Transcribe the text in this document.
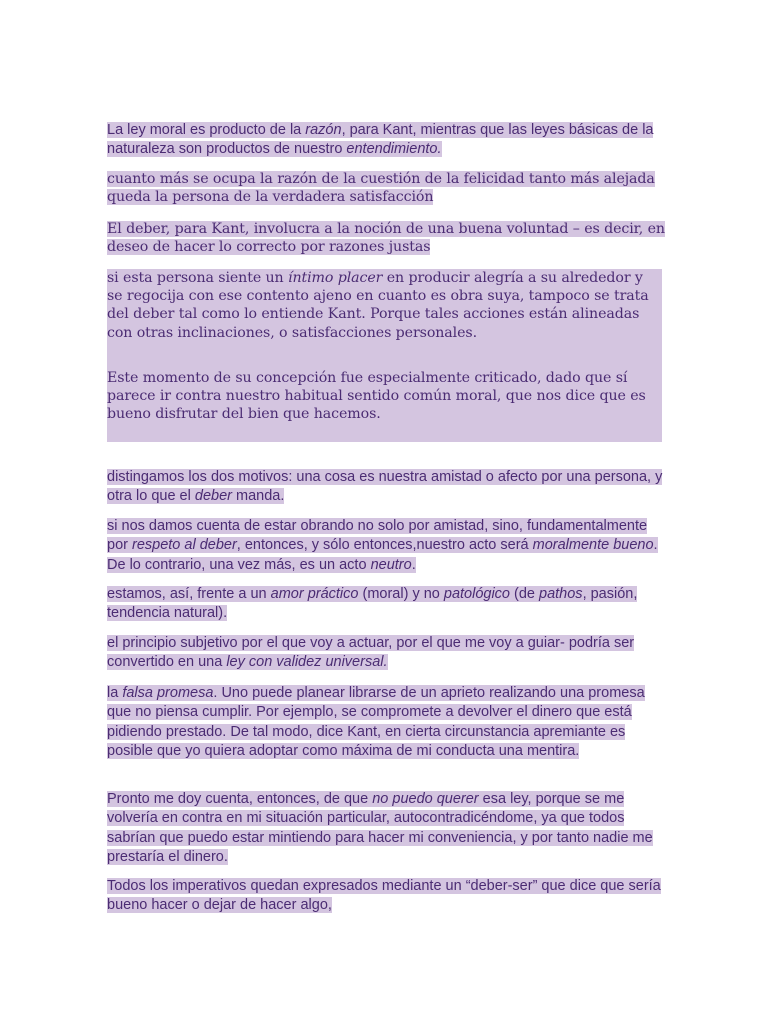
La ley moral es producto de la razón, para Kant, mientras que las leyes básicas de la naturaleza son productos de nuestro entendimiento.

cuanto más se ocupa la razón de la cuestión de la felicidad tanto más alejada queda la persona de la verdadera satisfacción

El deber, para Kant, involucra a la noción de una buena voluntad – es decir, en deseo de hacer lo correcto por razones justas

si esta persona siente un íntimo placer en producir alegría a su alrededor y se regocija con ese contento ajeno en cuanto es obra suya, tampoco se trata del deber tal como lo entiende Kant. Porque tales acciones están alineadas con otras inclinaciones, o satisfacciones personales.

Este momento de su concepción fue especialmente criticado, dado que sí parece ir contra nuestro habitual sentido común moral, que nos dice que es bueno disfrutar del bien que hacemos.

distingamos los dos motivos: una cosa es nuestra amistad o afecto por una persona, y otra lo que el deber manda.

si nos damos cuenta de estar obrando no solo por amistad, sino, fundamentalmente por respeto al deber, entonces, y sólo entonces,nuestro acto será moralmente bueno. De lo contrario, una vez más, es un acto neutro.

estamos, así, frente a un amor práctico (moral) y no patológico (de pathos, pasión, tendencia natural).

el principio subjetivo por el que voy a actuar, por el que me voy a guiar- podría ser convertido en una ley con validez universal.

la falsa promesa. Uno puede planear librarse de un aprieto realizando una promesa que no piensa cumplir. Por ejemplo, se compromete a devolver el dinero que está pidiendo prestado. De tal modo, dice Kant, en cierta circunstancia apremiante es posible que yo quiera adoptar como máxima de mi conducta una mentira.

Pronto me doy cuenta, entonces, de que no puedo querer esa ley, porque se me volvería en contra en mi situación particular, autocontradicéndome, ya que todos sabrían que puedo estar mintiendo para hacer mi conveniencia, y por tanto nadie me prestaría el dinero.

Todos los imperativos quedan expresados mediante un “deber-ser” que dice que sería bueno hacer o dejar de hacer algo,
